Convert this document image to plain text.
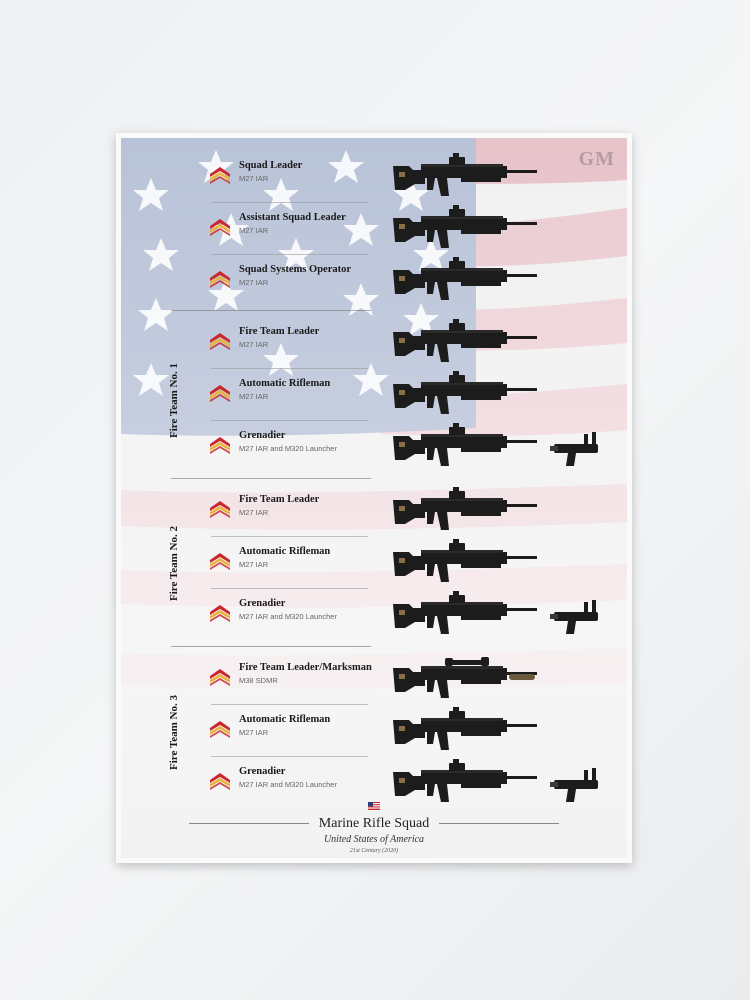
GM
Fire Team No. 1
Fire Team No. 2
Fire Team No. 3
Squad Leader
M27 IAR
Assistant Squad Leader
M27 IAR
Squad Systems Operator
M27 IAR
Fire Team Leader
M27 IAR
Automatic Rifleman
M27 IAR
Grenadier
M27 IAR and M320 Launcher
Fire Team Leader
M27 IAR
Automatic Rifleman
M27 IAR
Grenadier
M27 IAR and M320 Launcher
Fire Team Leader/Marksman
M38 SDMR
Automatic Rifleman
M27 IAR
Grenadier
M27 IAR and M320 Launcher
Marine Rifle Squad
United States of America
21st Century (2020)
